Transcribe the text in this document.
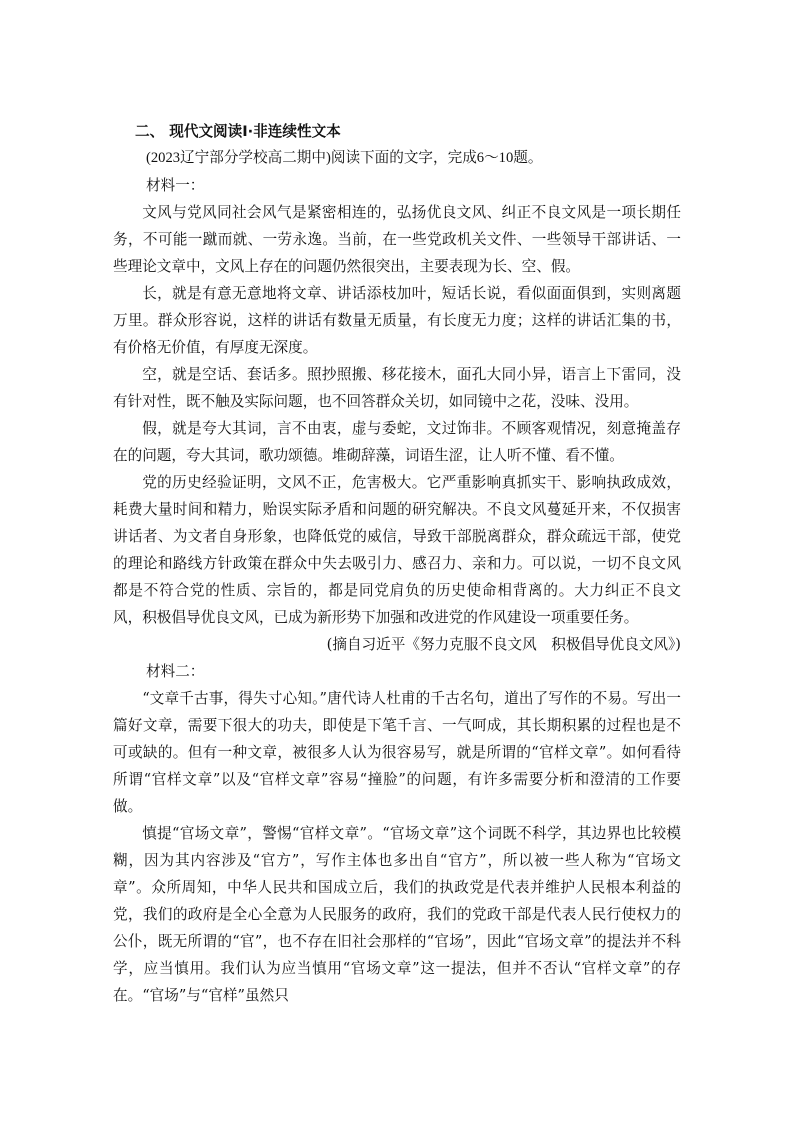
二、 现代文阅读Ⅰ·非连续性文本
(2023辽宁部分学校高二期中)阅读下面的文字，完成6～10题。
材料一：

文风与党风同社会风气是紧密相连的，弘扬优良文风、纠正不良文风是一项长期任务，不可能一蹴而就、一劳永逸。当前，在一些党政机关文件、一些领导干部讲话、一些理论文章中，文风上存在的问题仍然很突出，主要表现为长、空、假。

长，就是有意无意地将文章、讲话添枝加叶，短话长说，看似面面俱到，实则离题万里。群众形容说，这样的讲话有数量无质量，有长度无力度；这样的讲话汇集的书，有价格无价值，有厚度无深度。

空，就是空话、套话多。照抄照搬、移花接木，面孔大同小异，语言上下雷同，没有针对性，既不触及实际问题，也不回答群众关切，如同镜中之花，没味、没用。

假，就是夸大其词，言不由衷，虚与委蛇，文过饰非。不顾客观情况，刻意掩盖存在的问题，夸大其词，歌功颂德。堆砌辞藻，词语生涩，让人听不懂、看不懂。

党的历史经验证明，文风不正，危害极大。它严重影响真抓实干、影响执政成效，耗费大量时间和精力，贻误实际矛盾和问题的研究解决。不良文风蔓延开来，不仅损害讲话者、为文者自身形象，也降低党的威信，导致干部脱离群众，群众疏远干部，使党的理论和路线方针政策在群众中失去吸引力、感召力、亲和力。可以说，一切不良文风都是不符合党的性质、宗旨的，都是同党肩负的历史使命相背离的。大力纠正不良文风，积极倡导优良文风，已成为新形势下加强和改进党的作风建设一项重要任务。

(摘自习近平《努力克服不良文风　积极倡导优良文风》)
材料二：

“文章千古事，得失寸心知。”唐代诗人杜甫的千古名句，道出了写作的不易。写出一篇好文章，需要下很大的功夫，即使是下笔千言、一气呵成，其长期积累的过程也是不可或缺的。但有一种文章，被很多人认为很容易写，就是所谓的“官样文章”。如何看待所谓“官样文章”以及“官样文章”容易“撞脸”的问题，有许多需要分析和澄清的工作要做。

慎提“官场文章”，警惕“官样文章”。“官场文章”这个词既不科学，其边界也比较模糊，因为其内容涉及“官方”，写作主体也多出自“官方”，所以被一些人称为“官场文章”。众所周知，中华人民共和国成立后，我们的执政党是代表并维护人民根本利益的党，我们的政府是全心全意为人民服务的政府，我们的党政干部是代表人民行使权力的公仆，既无所谓的“官”，也不存在旧社会那样的“官场”，因此“官场文章”的提法并不科学，应当慎用。我们认为应当慎用“官场文章”这一提法，但并不否认“官样文章”的存在。“官场”与“官样”虽然只
